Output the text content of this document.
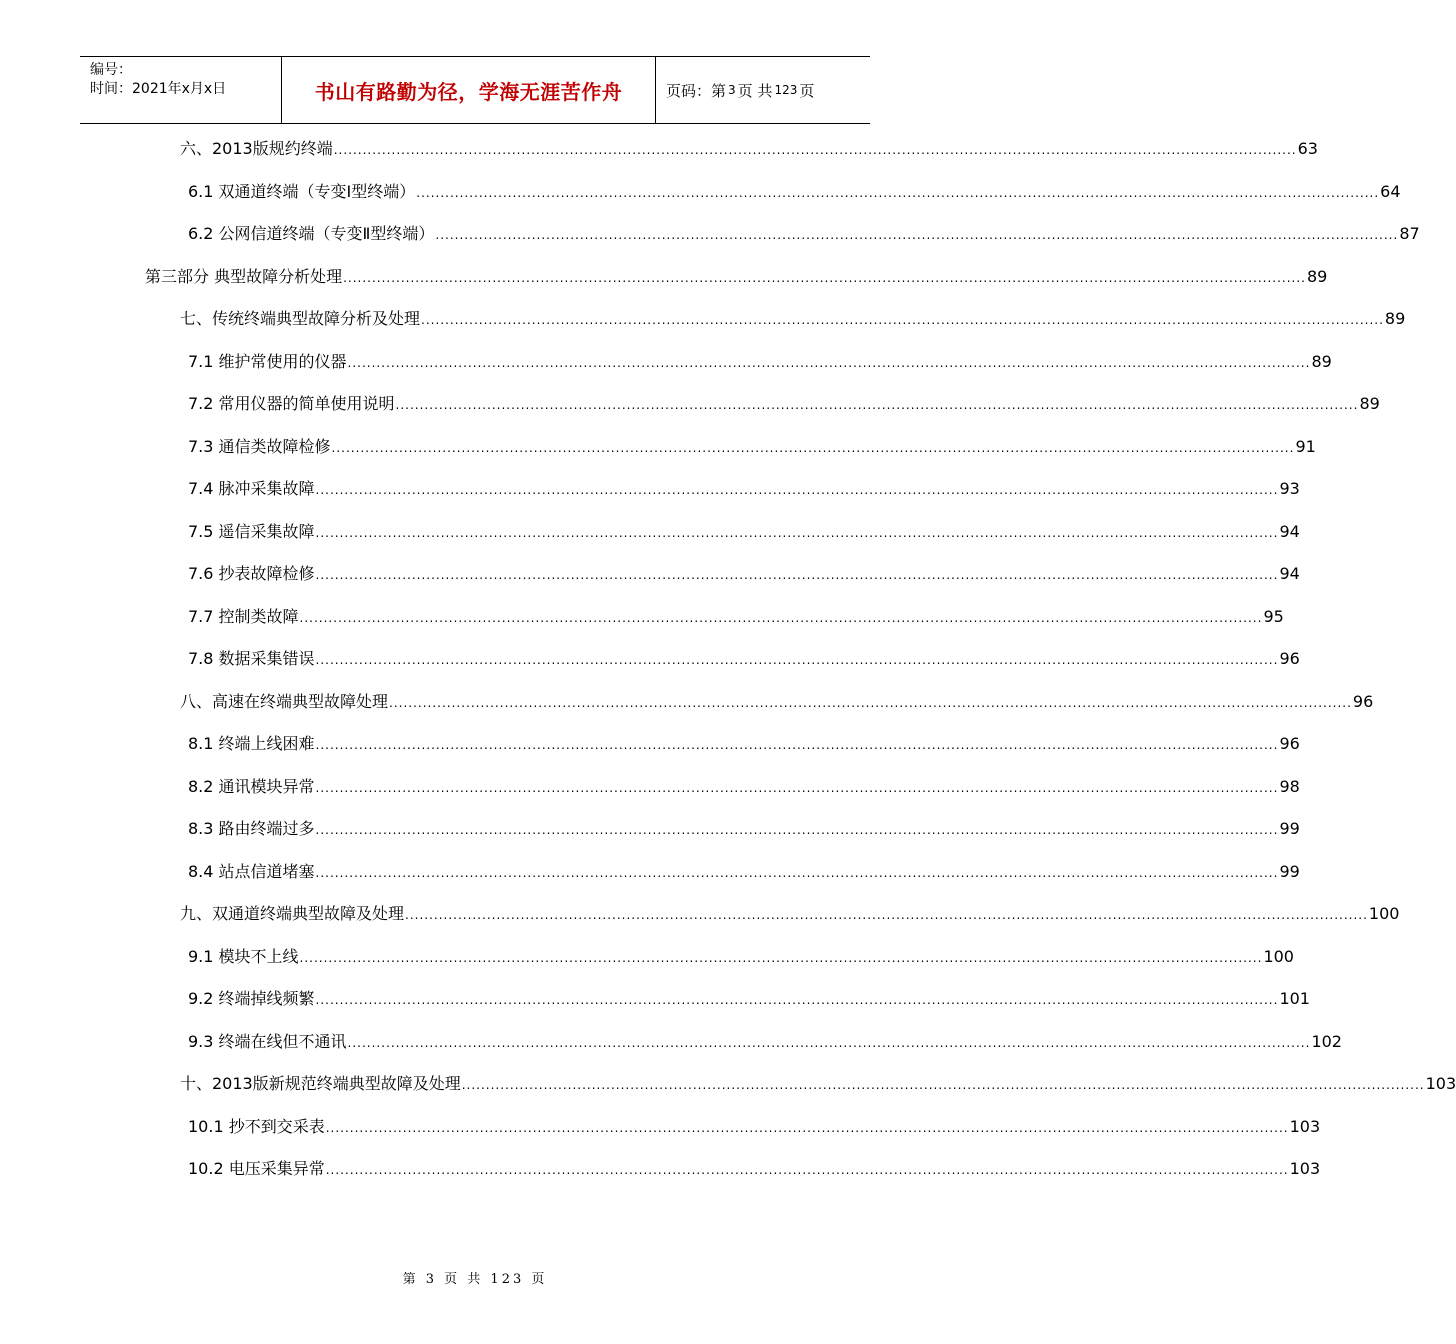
编号：
时间：2021年x月x日	书山有路勤为径，学海无涯苦作舟	页码：第 3 页 共 123 页
六、2013版规约终端 ........................................................................................................................................................................................................ 63
6.1 双通道终端（专变Ⅰ型终端） ........................................................................................................................................................................................................ 64
6.2 公网信道终端（专变Ⅱ型终端） ........................................................................................................................................................................................................ 87
第三部分 典型故障分析处理 ........................................................................................................................................................................................................ 89
七、传统终端典型故障分析及处理 ........................................................................................................................................................................................................ 89
7.1 维护常使用的仪器 ........................................................................................................................................................................................................ 89
7.2 常用仪器的简单使用说明 ........................................................................................................................................................................................................ 89
7.3 通信类故障检修 ........................................................................................................................................................................................................ 91
7.4 脉冲采集故障 ........................................................................................................................................................................................................ 93
7.5 遥信采集故障 ........................................................................................................................................................................................................ 94
7.6 抄表故障检修 ........................................................................................................................................................................................................ 94
7.7 控制类故障 ........................................................................................................................................................................................................ 95
7.8 数据采集错误 ........................................................................................................................................................................................................ 96
八、高速在终端典型故障处理 ........................................................................................................................................................................................................ 96
8.1 终端上线困难 ........................................................................................................................................................................................................ 96
8.2 通讯模块异常 ........................................................................................................................................................................................................ 98
8.3 路由终端过多 ........................................................................................................................................................................................................ 99
8.4 站点信道堵塞 ........................................................................................................................................................................................................ 99
九、双通道终端典型故障及处理 ........................................................................................................................................................................................................ 100
9.1 模块不上线 ........................................................................................................................................................................................................ 100
9.2 终端掉线频繁 ........................................................................................................................................................................................................ 101
9.3 终端在线但不通讯 ........................................................................................................................................................................................................ 102
十、2013版新规范终端典型故障及处理 ........................................................................................................................................................................................................ 103
10.1 抄不到交采表 ........................................................................................................................................................................................................ 103
10.2 电压采集异常 ........................................................................................................................................................................................................ 103
第 3 页 共 123 页
